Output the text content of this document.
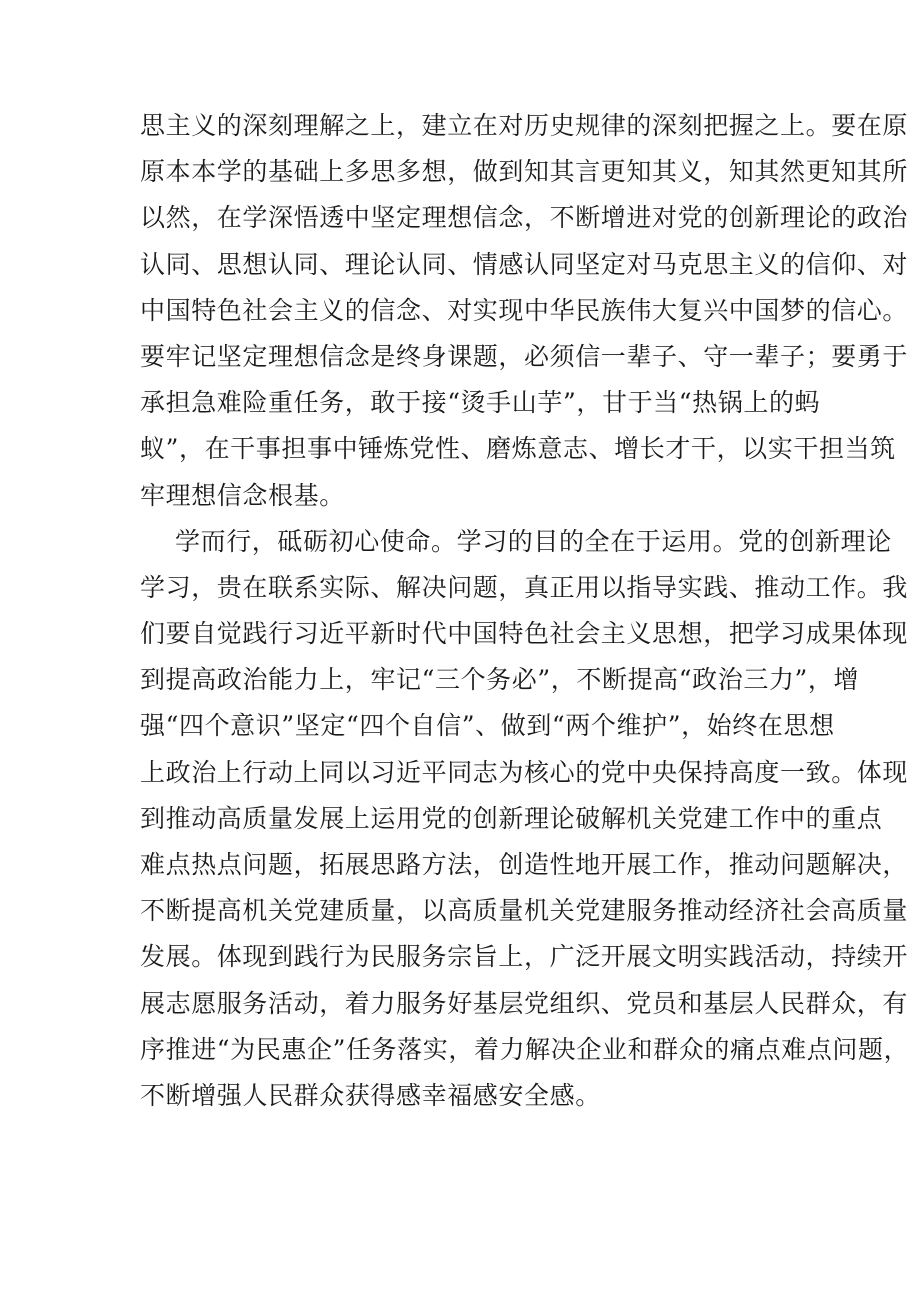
思主义的深刻理解之上，建立在对历史规律的深刻把握之上。要在原
原本本学的基础上多思多想，做到知其言更知其义，知其然更知其所
以然，在学深悟透中坚定理想信念，不断增进对党的创新理论的政治
认同、思想认同、理论认同、情感认同坚定对马克思主义的信仰、对
中国特色社会主义的信念、对实现中华民族伟大复兴中国梦的信心。
要牢记坚定理想信念是终身课题，必须信一辈子、守一辈子；要勇于
承担急难险重任务，敢于接“烫手山芋”，甘于当“热锅上的蚂
蚁”，在干事担事中锤炼党性、磨炼意志、增长才干，以实干担当筑
牢理想信念根基。
学而行，砥砺初心使命。学习的目的全在于运用。党的创新理论
学习，贵在联系实际、解决问题，真正用以指导实践、推动工作。我
们要自觉践行习近平新时代中国特色社会主义思想，把学习成果体现
到提高政治能力上，牢记“三个务必”，不断提高“政治三力”，增
强“四个意识”坚定“四个自信”、做到“两个维护”，始终在思想
上政治上行动上同以习近平同志为核心的党中央保持高度一致。体现
到推动高质量发展上运用党的创新理论破解机关党建工作中的重点
难点热点问题，拓展思路方法，创造性地开展工作，推动问题解决，
不断提高机关党建质量，以高质量机关党建服务推动经济社会高质量
发展。体现到践行为民服务宗旨上，广泛开展文明实践活动，持续开
展志愿服务活动，着力服务好基层党组织、党员和基层人民群众，有
序推进“为民惠企”任务落实，着力解决企业和群众的痛点难点问题，
不断增强人民群众获得感幸福感安全感。
